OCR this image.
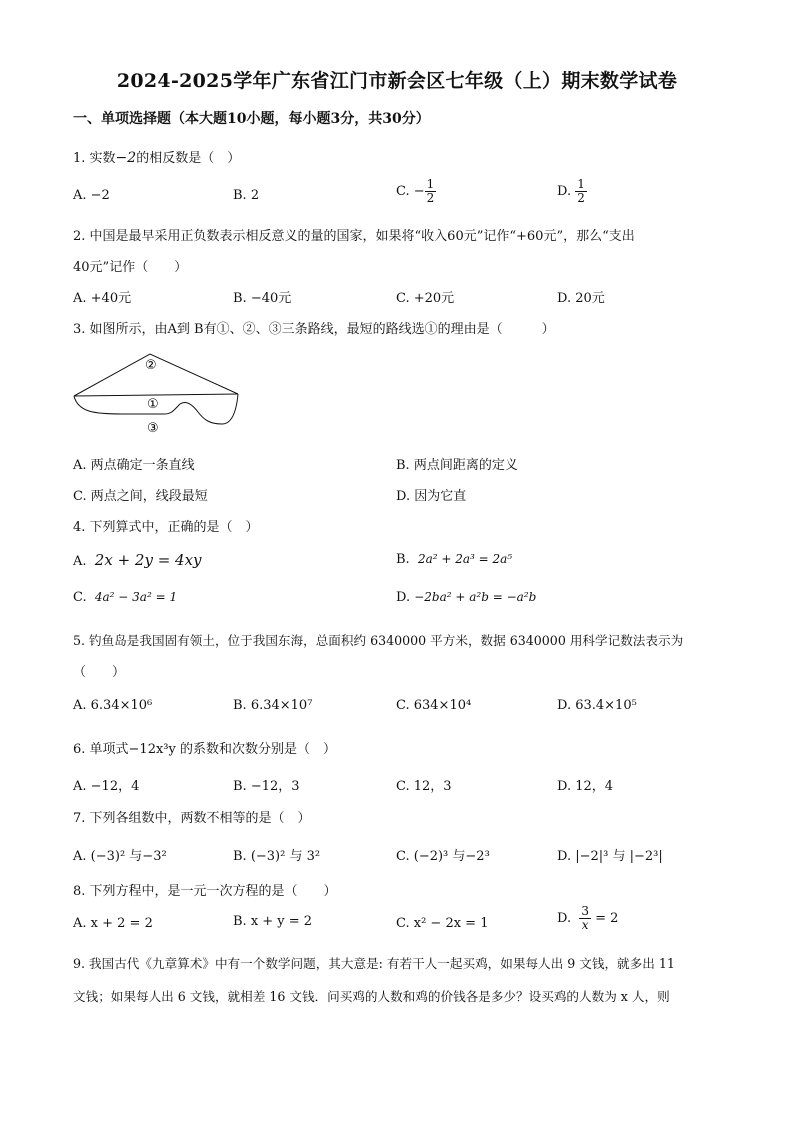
2024-2025学年广东省江门市新会区七年级（上）期末数学试卷
一、单项选择题（本大题10小题，每小题3分，共30分）
1. 实数−2的相反数是（　）
A. −2	B. 2	C. − $\frac{1}{2}$	D. $\frac{1}{2}$
2. 中国是最早采用正负数表示相反意义的量的国家，如果将“收入60元”记作“+60元”，那么“支出
40元”记作（　　）
A. +40元	B. −40元	C. +20元	D. 20元
3. 如图所示，由A到 B有①、②、③三条路线，最短的路线选①的理由是（　　　）
②
①
③
A. 两点确定一条直线	B. 两点间距离的定义
C. 两点之间，线段最短	D. 因为它直
4. 下列算式中，正确的是（　）
A. 2x + 2y = 4xy	B. 2a² + 2a³ = 2a⁵
C. 4a² − 3a² = 1	D. −2ba² + a²b = −a²b
5. 钓鱼岛是我国固有领土，位于我国东海，总面积约 6340000 平方米，数据 6340000 用科学记数法表示为
（　　）
A. 6.34×10⁶	B. 6.34×10⁷	C. 634×10⁴	D. 63.4×10⁵
6. 单项式−12x³y 的系数和次数分别是（　）
A. −12，4	B. −12，3	C. 12，3	D. 12，4
7. 下列各组数中，两数不相等的是（　）
A. (−3)² 与−3²	B. (−3)² 与 3²	C. (−2)³ 与−2³	D. |−2|³ 与 |−2³|
8. 下列方程中，是一元一次方程的是（　　）
A. x + 2 = 2	B. x + y = 2	C. x² − 2x = 1	D. $\frac{3}{x} = 2$
9. 我国古代《九章算术》中有一个数学问题，其大意是: 有若干人一起买鸡，如果每人出 9 文钱，就多出 11
文钱；如果每人出 6 文钱，就相差 16 文钱．问买鸡的人数和鸡的价钱各是多少？设买鸡的人数为 x 人，则
